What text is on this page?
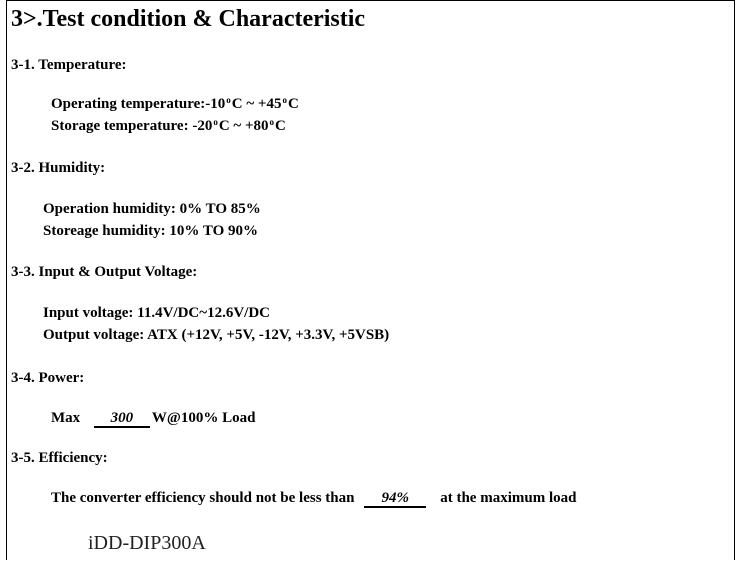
3>.Test condition & Characteristic
3-1. Temperature:
Operating temperature:-10$^o$C ~ $+45^oC$
Storage temperature: -20$^o$C ~ $+80^oC$
3-2. Humidity:
Operation humidity: 0% TO 85%
Storeage humidity: 10% TO 90%
3-3. Input & Output Voltage:
Input voltage: 11.4V/DC~12.6V/DC
Output voltage: ATX (+12V, +5V, -12V, +3.3V, +5VSB)
3-4. Power:
Max 300 W@100% Load
3-5. Efficiency:
The converter efficiency should not be less than 94% at the maximum load
iDD-DIP300A
